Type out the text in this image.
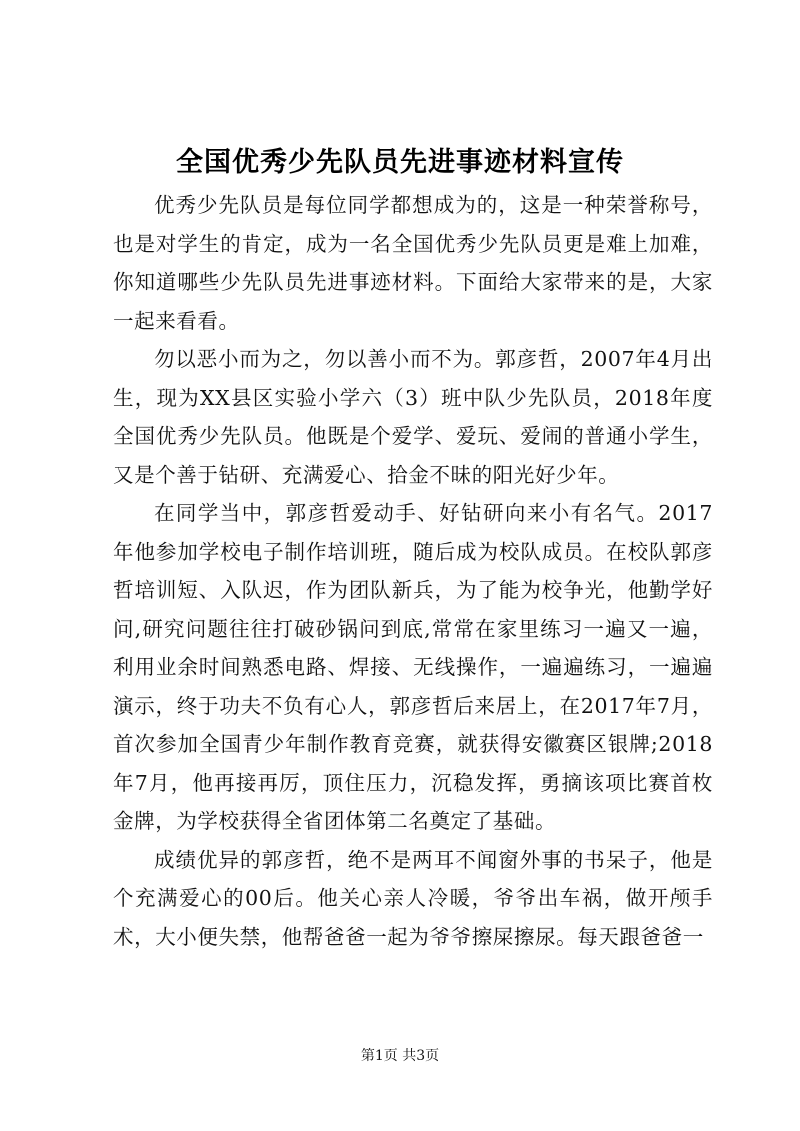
全国优秀少先队员先进事迹材料宣传

优秀少先队员是每位同学都想成为的，这是一种荣誉称号，也是对学生的肯定，成为一名全国优秀少先队员更是难上加难，你知道哪些少先队员先进事迹材料。下面给大家带来的是，大家一起来看看。

勿以恶小而为之，勿以善小而不为。郭彦哲，2007年4月出生，现为XX县区实验小学六（3）班中队少先队员，2018年度全国优秀少先队员。他既是个爱学、爱玩、爱闹的普通小学生，又是个善于钻研、充满爱心、拾金不昧的阳光好少年。

在同学当中，郭彦哲爱动手、好钻研向来小有名气。2017年他参加学校电子制作培训班，随后成为校队成员。在校队郭彦哲培训短、入队迟，作为团队新兵，为了能为校争光，他勤学好问,研究问题往往打破砂锅问到底,常常在家里练习一遍又一遍，利用业余时间熟悉电路、焊接、无线操作，一遍遍练习，一遍遍演示，终于功夫不负有心人，郭彦哲后来居上，在2017年7月，首次参加全国青少年制作教育竞赛，就获得安徽赛区银牌;2018年7月，他再接再厉，顶住压力，沉稳发挥，勇摘该项比赛首枚金牌，为学校获得全省团体第二名奠定了基础。

成绩优异的郭彦哲，绝不是两耳不闻窗外事的书呆子，他是个充满爱心的00后。他关心亲人冷暖，爷爷出车祸，做开颅手术，大小便失禁，他帮爸爸一起为爷爷擦屎擦尿。每天跟爸爸一

第1页 共3页
